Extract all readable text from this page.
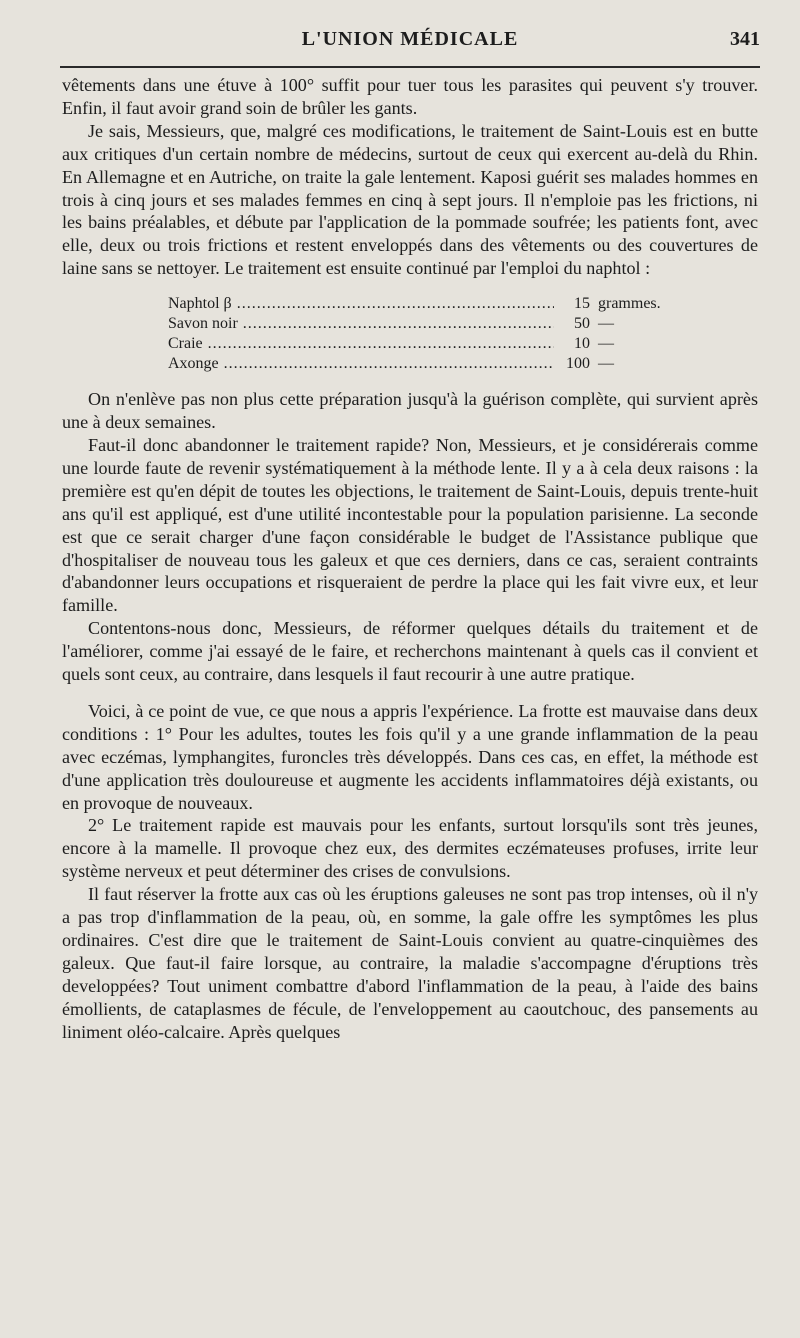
L'UNION MÉDICALE	341

vêtements dans une étuve à 100° suffit pour tuer tous les parasites qui peuvent s'y trouver. Enfin, il faut avoir grand soin de brûler les gants.

Je sais, Messieurs, que, malgré ces modifications, le traitement de Saint-Louis est en butte aux critiques d'un certain nombre de médecins, surtout de ceux qui exercent au-delà du Rhin. En Allemagne et en Autriche, on traite la gale lentement. Kaposi guérit ses malades hommes en trois à cinq jours et ses malades femmes en cinq à sept jours. Il n'emploie pas les frictions, ni les bains préalables, et débute par l'application de la pommade soufrée; les patients font, avec elle, deux ou trois frictions et restent enveloppés dans des vêtements ou des couvertures de laine sans se nettoyer. Le traitement est ensuite continué par l'emploi du naphtol :

Naphtol β .....	15 grammes.
Savon noir .....	50 —
Craie .....	10 —
Axonge .....	100 —

On n'enlève pas non plus cette préparation jusqu'à la guérison complète, qui survient après une à deux semaines.

Faut-il donc abandonner le traitement rapide? Non, Messieurs, et je considérerais comme une lourde faute de revenir systématiquement à la méthode lente. Il y a à cela deux raisons : la première est qu'en dépit de toutes les objections, le traitement de Saint-Louis, depuis trente-huit ans qu'il est appliqué, est d'une utilité incontestable pour la population parisienne. La seconde est que ce serait charger d'une façon considérable le budget de l'Assistance publique que d'hospitaliser de nouveau tous les galeux et que ces derniers, dans ce cas, seraient contraints d'abandonner leurs occupations et risqueraient de perdre la place qui les fait vivre eux, et leur famille.

Contentons-nous donc, Messieurs, de réformer quelques détails du traitement et de l'améliorer, comme j'ai essayé de le faire, et recherchons maintenant à quels cas il convient et quels sont ceux, au contraire, dans lesquels il faut recourir à une autre pratique.

Voici, à ce point de vue, ce que nous a appris l'expérience. La frotte est mauvaise dans deux conditions : 1° Pour les adultes, toutes les fois qu'il y a une grande inflammation de la peau avec eczémas, lymphangites, furoncles très développés. Dans ces cas, en effet, la méthode est d'une application très douloureuse et augmente les accidents inflammatoires déjà existants, ou en provoque de nouveaux.

2° Le traitement rapide est mauvais pour les enfants, surtout lorsqu'ils sont très jeunes, encore à la mamelle. Il provoque chez eux, des dermites eczémateuses profuses, irrite leur système nerveux et peut déterminer des crises de convulsions.

Il faut réserver la frotte aux cas où les éruptions galeuses ne sont pas trop intenses, où il n'y a pas trop d'inflammation de la peau, où, en somme, la gale offre les symptômes les plus ordinaires. C'est dire que le traitement de Saint-Louis convient au quatre-cinquièmes des galeux. Que faut-il faire lorsque, au contraire, la maladie s'accompagne d'éruptions très developpées? Tout uniment combattre d'abord l'inflammation de la peau, à l'aide des bains émollients, de cataplasmes de fécule, de l'enveloppement au caoutchouc, des pansements au liniment oléo-calcaire. Après quelques
